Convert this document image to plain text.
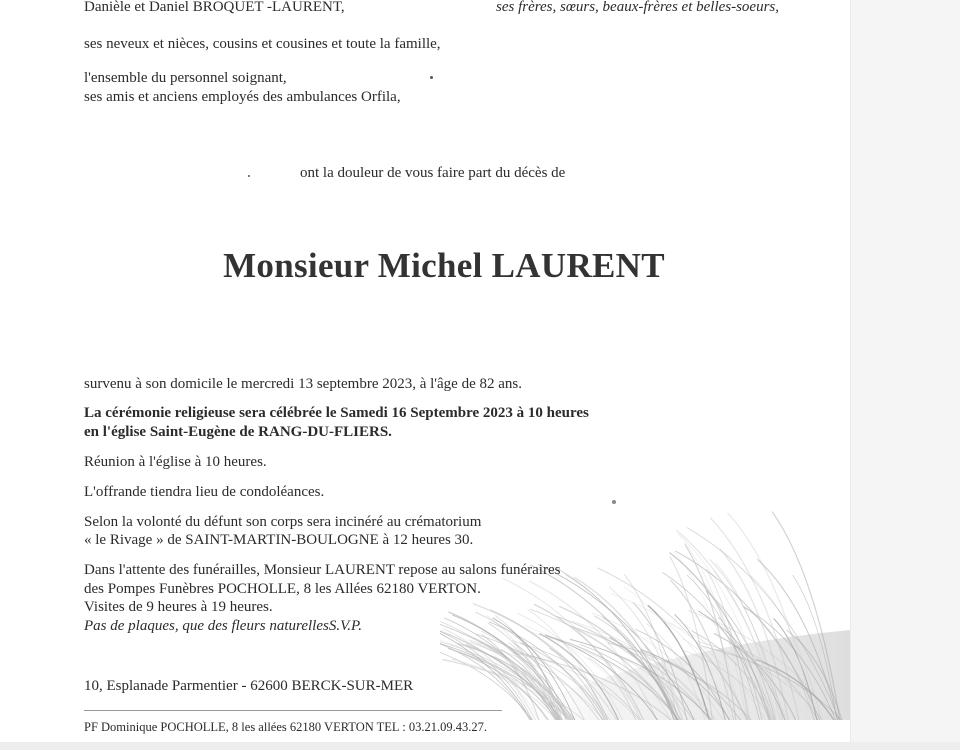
Danièle et Daniel BROQUET -LAURENT,	ses frères, sœurs, beaux-frères et belles-soeurs,
ses neveux et nièces, cousins et cousines et toute la famille,
l'ensemble du personnel soignant,
ses amis et anciens employés des ambulances Orfila,
ont la douleur de vous faire part du décès de
Monsieur Michel LAURENT
survenu à son domicile le mercredi 13 septembre 2023, à l'âge de 82 ans.
La cérémonie religieuse sera célébrée le Samedi 16 Septembre 2023 à 10 heures
en l'église Saint-Eugène de RANG-DU-FLIERS.
Réunion à l'église à 10 heures.
L'offrande tiendra lieu de condoléances.
Selon la volonté du défunt son corps sera incinéré au crématorium
« le Rivage » de SAINT-MARTIN-BOULOGNE à 12 heures 30.
Dans l'attente des funérailles, Monsieur LAURENT repose au salons funéraires
des Pompes Funèbres POCHOLLE, 8 les Allées 62180 VERTON.
Visites de 9 heures à 19 heures.
Pas de plaques, que des fleurs naturellesS.V.P.
10, Esplanade Parmentier - 62600 BERCK-SUR-MER
PF Dominique POCHOLLE, 8 les allées 62180 VERTON TEL : 03.21.09.43.27.
